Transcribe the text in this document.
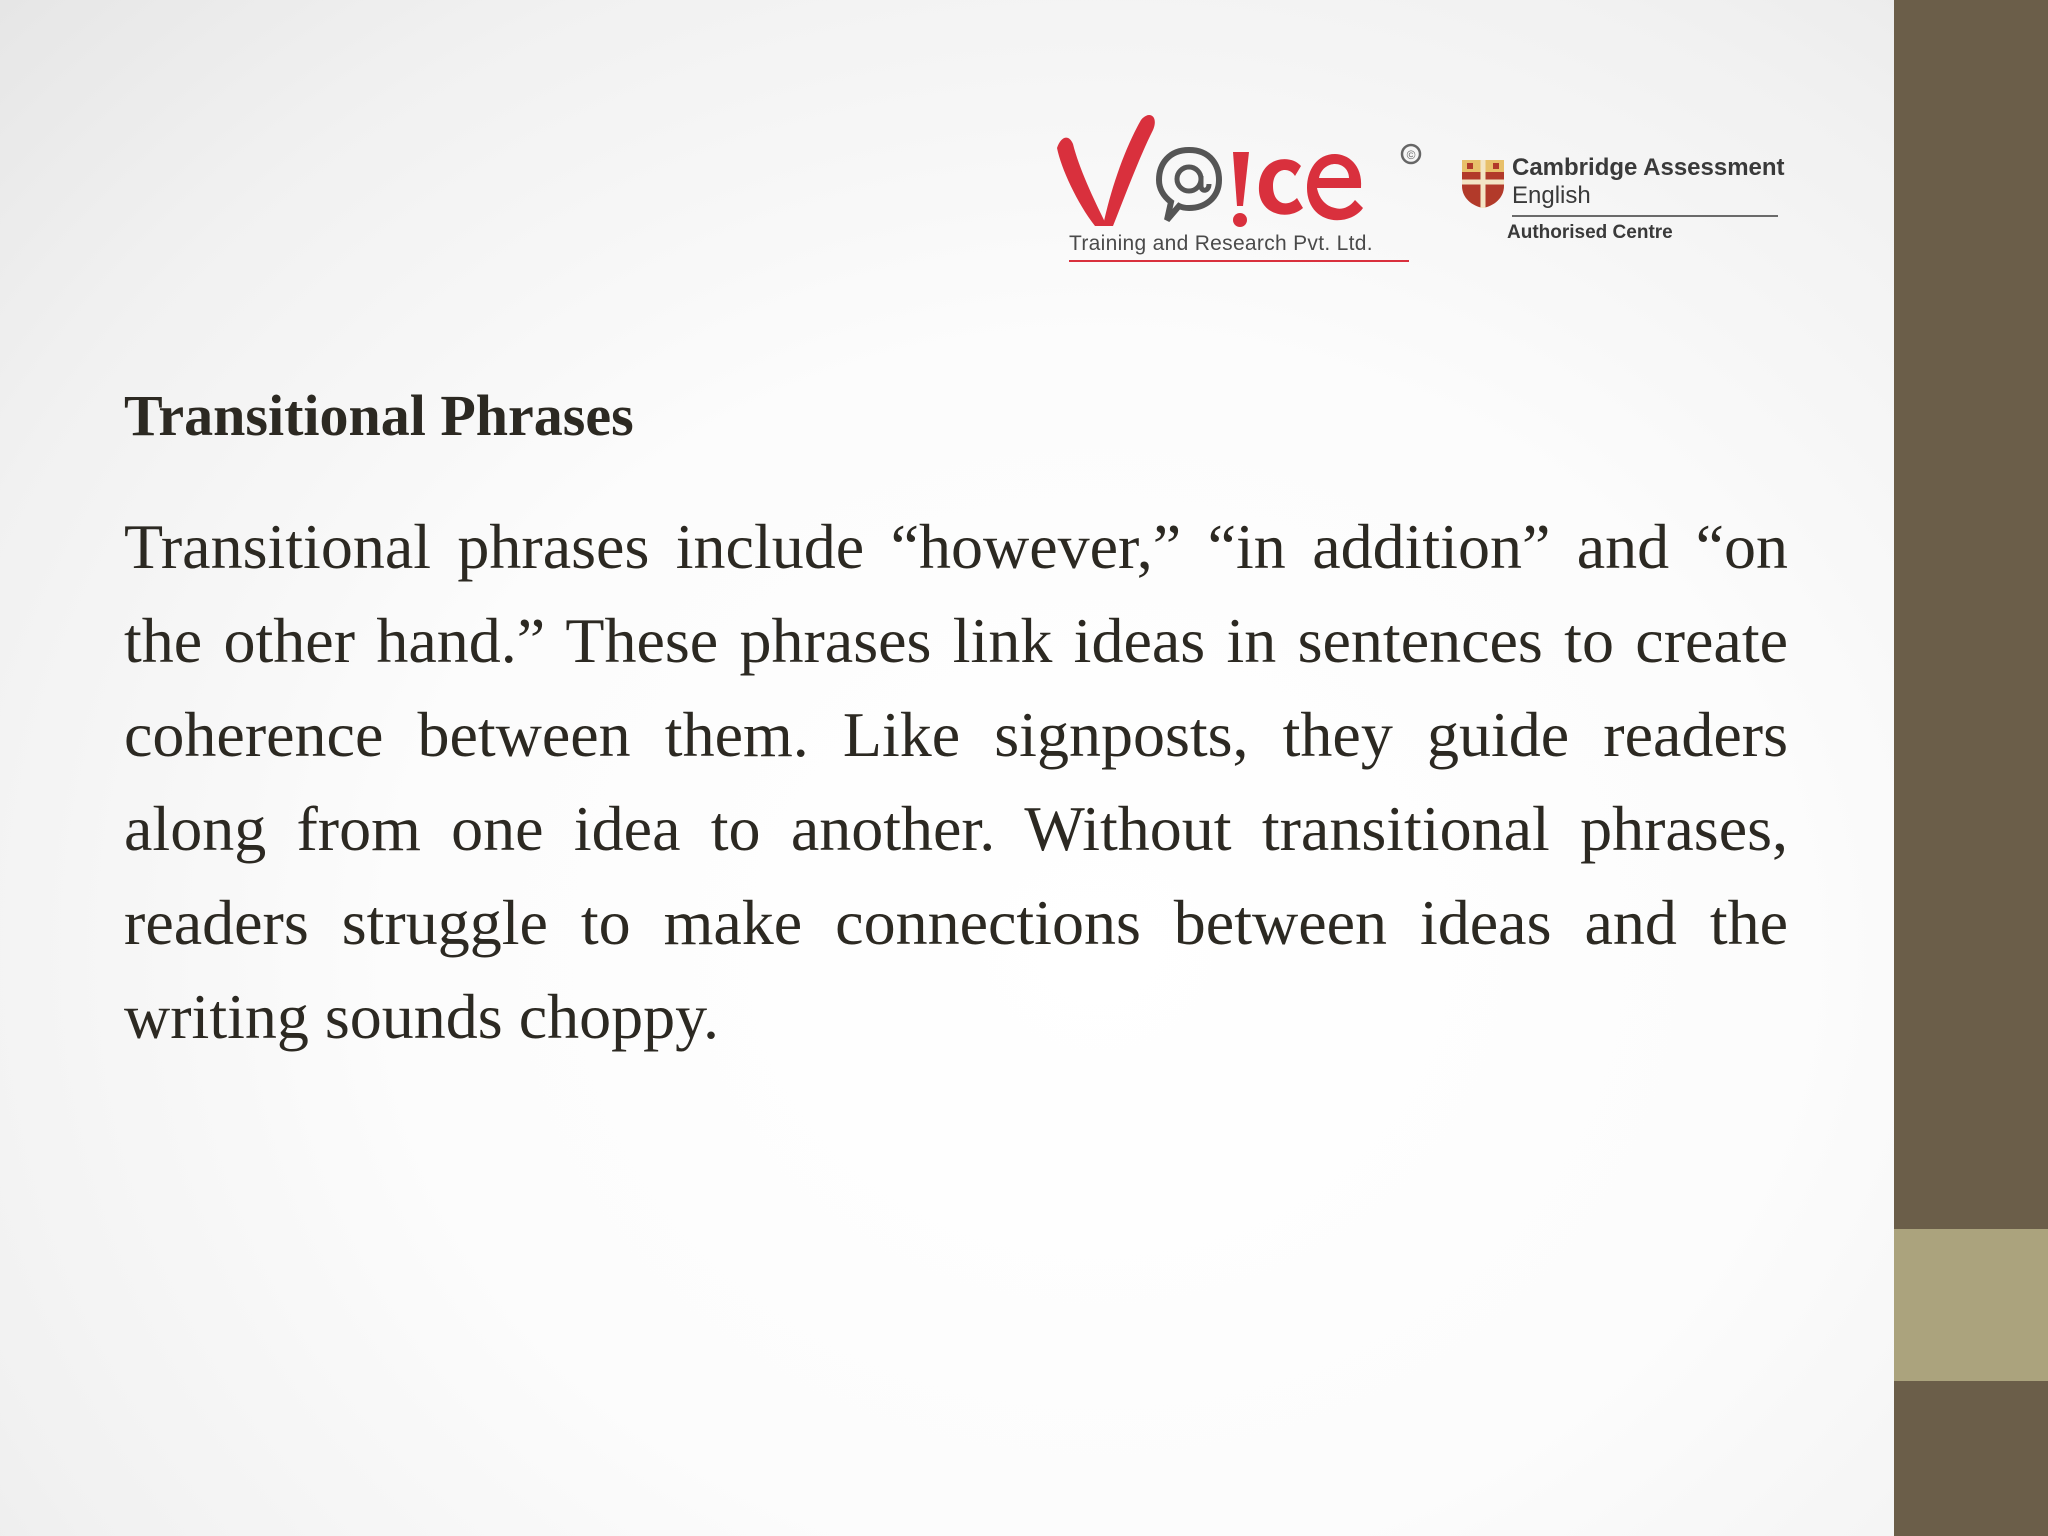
©
Training and Research Pvt. Ltd.
Cambridge Assessment
English
Authorised Centre
Transitional Phrases

Transitional phrases include “however,” “in addition” and “on the other hand.” These phrases link ideas in sentences to create coherence between them. Like signposts, they guide readers along from one idea to another. Without transitional phrases, readers struggle to make connections between ideas and the writing sounds choppy.
